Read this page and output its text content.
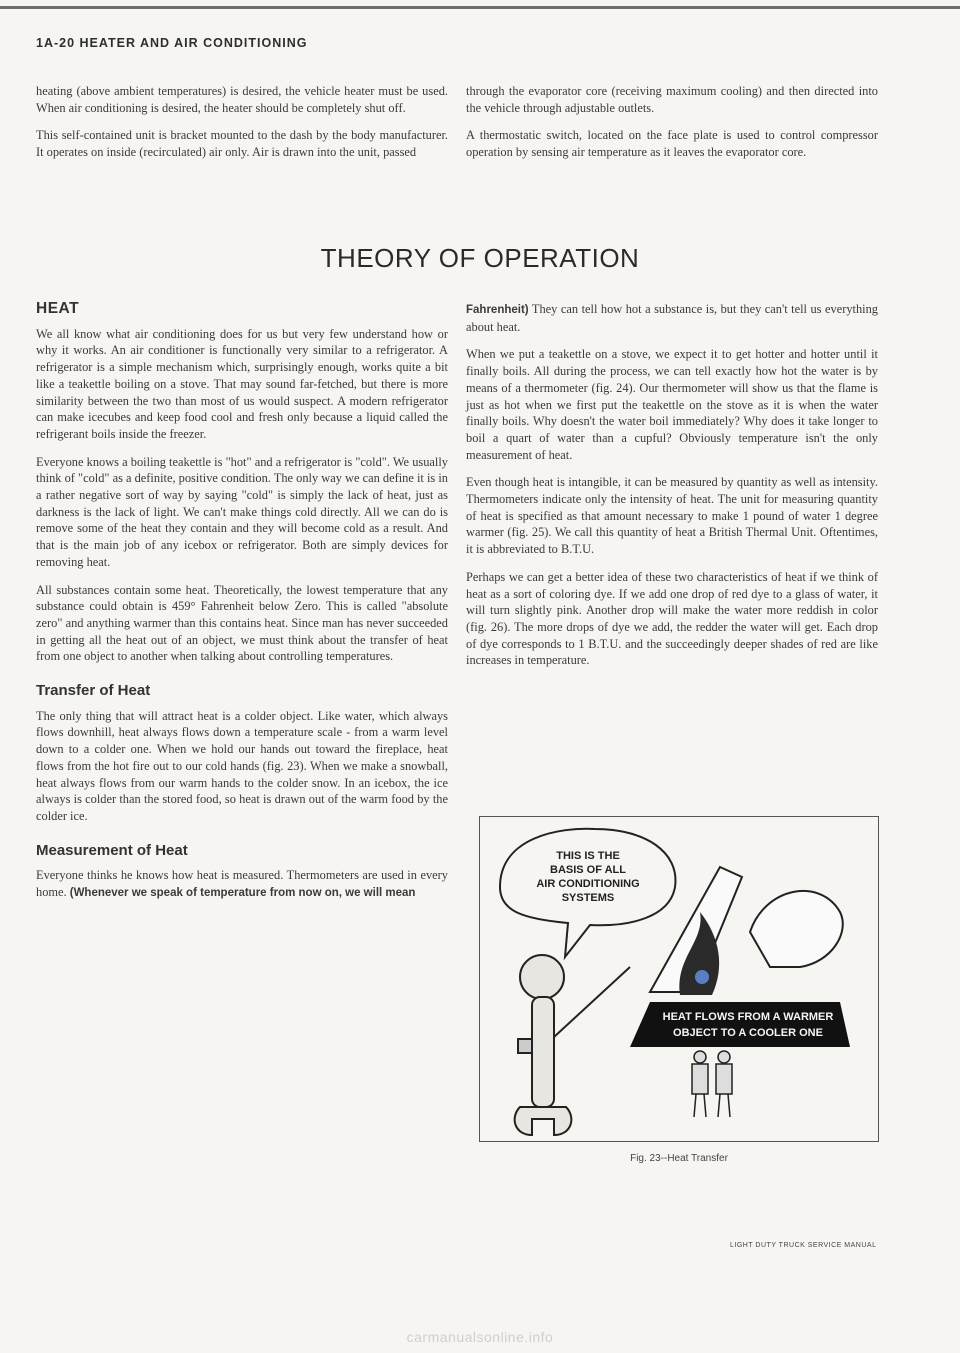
1A-20 HEATER AND AIR CONDITIONING

heating (above ambient temperatures) is desired, the vehicle heater must be used. When air conditioning is desired, the heater should be completely shut off.

This self-contained unit is bracket mounted to the dash by the body manufacturer. It operates on inside (recirculated) air only. Air is drawn into the unit, passed

through the evaporator core (receiving maximum cooling) and then directed into the vehicle through adjustable outlets.

A thermostatic switch, located on the face plate is used to control compressor operation by sensing air temperature as it leaves the evaporator core.

THEORY OF OPERATION
HEAT

We all know what air conditioning does for us but very few understand how or why it works. An air conditioner is functionally very similar to a refrigerator. A refrigerator is a simple mechanism which, surprisingly enough, works quite a bit like a teakettle boiling on a stove. That may sound far-fetched, but there is more similarity between the two than most of us would suspect. A modern refrigerator can make icecubes and keep food cool and fresh only because a liquid called the refrigerant boils inside the freezer.

Everyone knows a boiling teakettle is "hot" and a refrigerator is "cold". We usually think of "cold" as a definite, positive condition. The only way we can define it is in a rather negative sort of way by saying "cold" is simply the lack of heat, just as darkness is the lack of light. We can't make things cold directly. All we can do is remove some of the heat they contain and they will become cold as a result. And that is the main job of any icebox or refrigerator. Both are simply devices for removing heat.

All substances contain some heat. Theoretically, the lowest temperature that any substance could obtain is 459° Fahrenheit below Zero. This is called "absolute zero" and anything warmer than this contains heat. Since man has never succeeded in getting all the heat out of an object, we must think about the transfer of heat from one object to another when talking about controlling temperatures.

Transfer of Heat

The only thing that will attract heat is a colder object. Like water, which always flows downhill, heat always flows down a temperature scale - from a warm level down to a colder one. When we hold our hands out toward the fireplace, heat flows from the hot fire out to our cold hands (fig. 23). When we make a snowball, heat always flows from our warm hands to the colder snow. In an icebox, the ice always is colder than the stored food, so heat is drawn out of the warm food by the colder ice.

Measurement of Heat

Everyone thinks he knows how heat is measured. Thermometers are used in every home. (Whenever we speak of temperature from now on, we will mean

Fahrenheit) They can tell how hot a substance is, but they can't tell us everything about heat.

When we put a teakettle on a stove, we expect it to get hotter and hotter until it finally boils. All during the process, we can tell exactly how hot the water is by means of a thermometer (fig. 24). Our thermometer will show us that the flame is just as hot when we first put the teakettle on the stove as it is when the water finally boils. Why doesn't the water boil immediately? Why does it take longer to boil a quart of water than a cupful? Obviously temperature isn't the only measurement of heat.

Even though heat is intangible, it can be measured by quantity as well as intensity. Thermometers indicate only the intensity of heat. The unit for measuring quantity of heat is specified as that amount necessary to make 1 pound of water 1 degree warmer (fig. 25). We call this quantity of heat a British Thermal Unit. Oftentimes, it is abbreviated to B.T.U.

Perhaps we can get a better idea of these two characteristics of heat if we think of heat as a sort of coloring dye. If we add one drop of red dye to a glass of water, it will turn slightly pink. Another drop will make the water more reddish in color (fig. 26). The more drops of dye we add, the redder the water will get. Each drop of dye corresponds to 1 B.T.U. and the succeedingly deeper shades of red are like increases in temperature.

THIS IS THE
BASIS OF ALL
AIR CONDITIONING
SYSTEMS
HEAT FLOWS FROM A WARMER
OBJECT TO A COOLER ONE
Fig. 23--Heat Transfer
LIGHT DUTY TRUCK SERVICE MANUAL
carmanualsonline.info
